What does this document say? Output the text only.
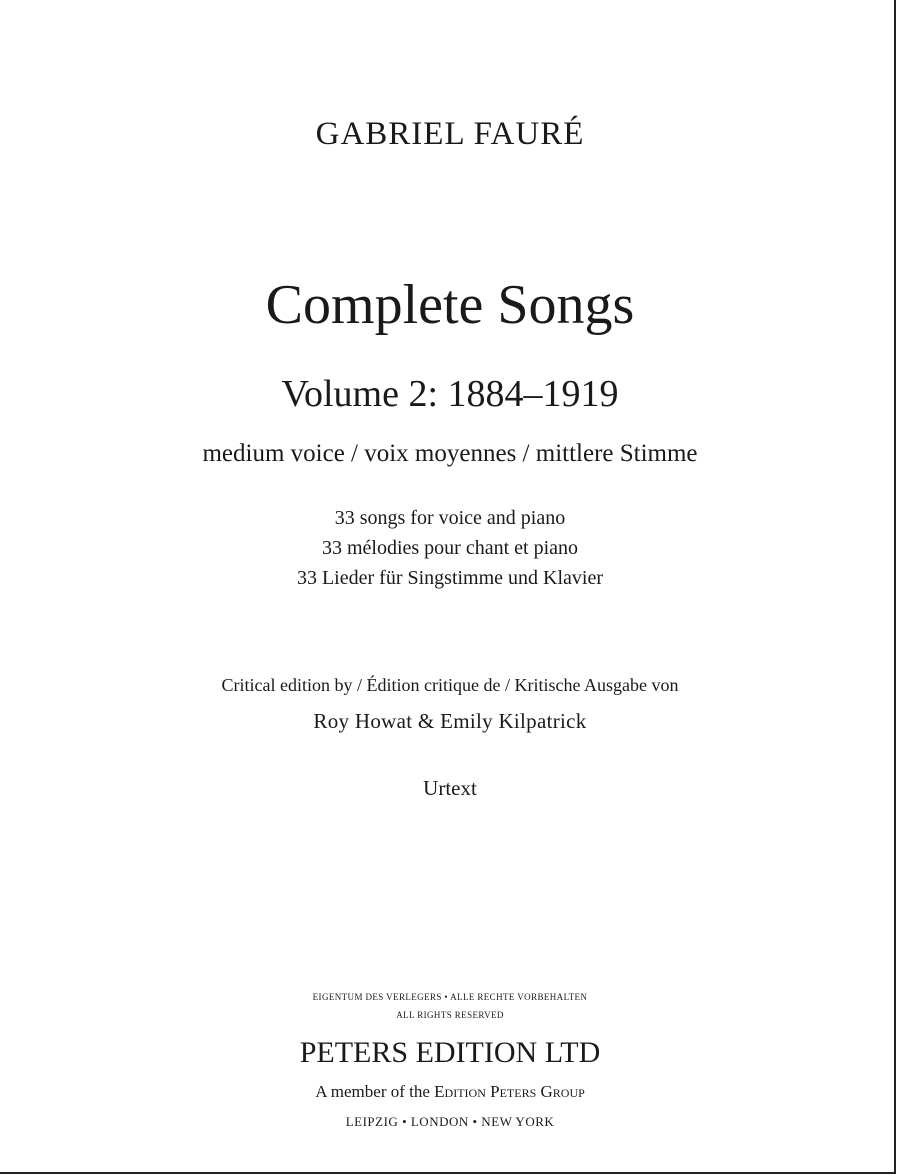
GABRIEL FAURÉ
Complete Songs
Volume 2: 1884–1919
medium voice / voix moyennes / mittlere Stimme
33 songs for voice and piano
33 mélodies pour chant et piano
33 Lieder für Singstimme und Klavier
Critical edition by / Édition critique de / Kritische Ausgabe von
Roy Howat & Emily Kilpatrick
Urtext
EIGENTUM DES VERLEGERS • ALLE RECHTE VORBEHALTEN
ALL RIGHTS RESERVED
PETERS EDITION LTD
A member of the Edition Peters Group
LEIPZIG • LONDON • NEW YORK
